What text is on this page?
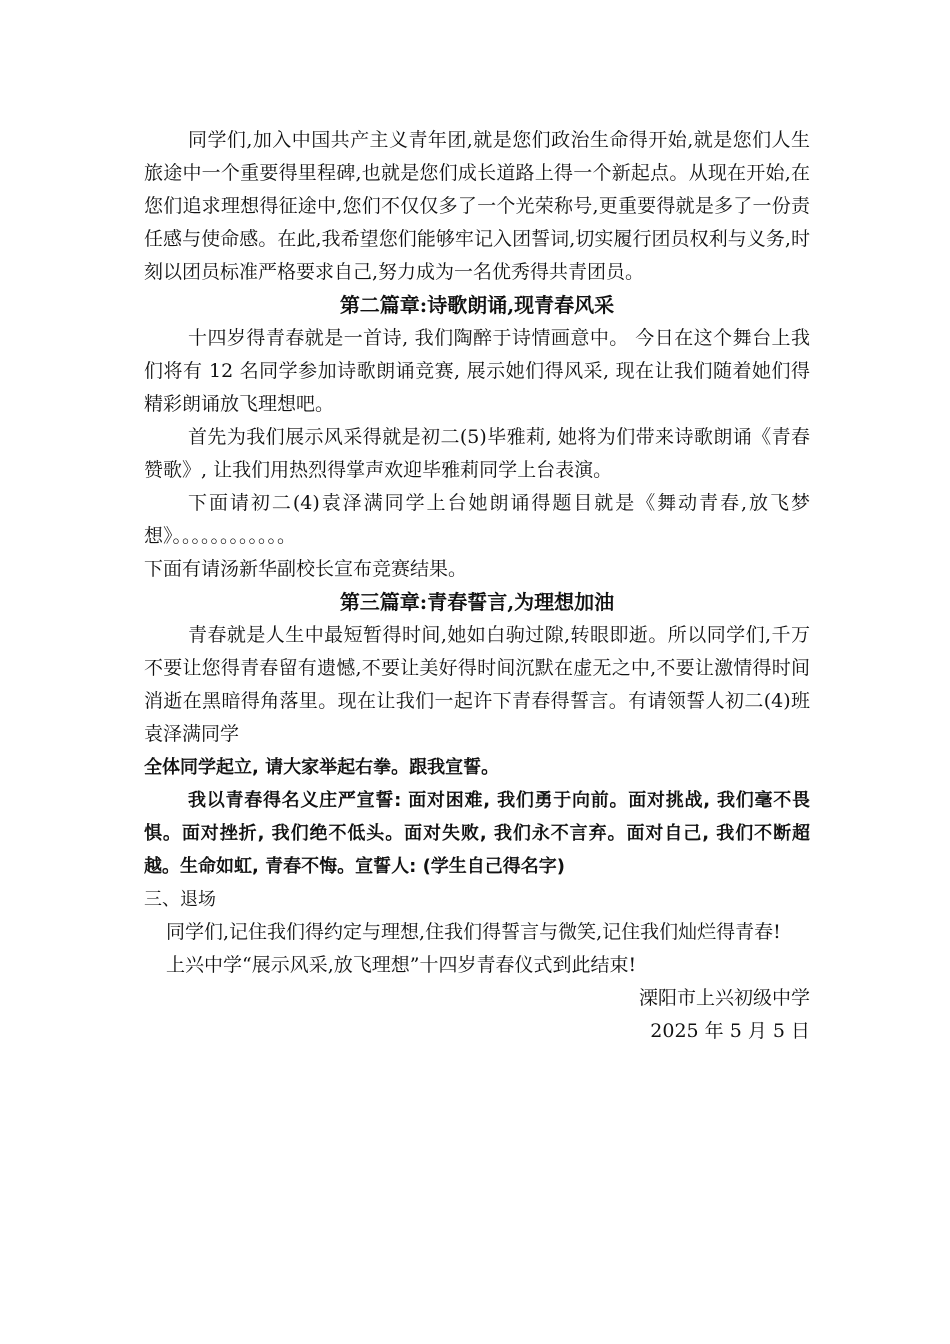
同学们,加入中国共产主义青年团,就是您们政治生命得开始,就是您们人生旅途中一个重要得里程碑,也就是您们成长道路上得一个新起点。从现在开始,在您们追求理想得征途中,您们不仅仅多了一个光荣称号,更重要得就是多了一份责任感与使命感。在此,我希望您们能够牢记入团誓词,切实履行团员权利与义务,时刻以团员标准严格要求自己,努力成为一名优秀得共青团员。

第二篇章:诗歌朗诵,现青春风采

十四岁得青春就是一首诗, 我们陶醉于诗情画意中。 今日在这个舞台上我们将有 12 名同学参加诗歌朗诵竞赛, 展示她们得风采, 现在让我们随着她们得精彩朗诵放飞理想吧。

首先为我们展示风采得就是初二(5)毕雅莉, 她将为们带来诗歌朗诵《青春赞歌》, 让我们用热烈得掌声欢迎毕雅莉同学上台表演。

下面请初二(4)袁泽满同学上台她朗诵得题目就是《舞动青春,放飞梦想》。。。。。。。。。。。。

下面有请汤新华副校长宣布竞赛结果。

第三篇章:青春誓言,为理想加油

青春就是人生中最短暂得时间,她如白驹过隙,转眼即逝。所以同学们,千万不要让您得青春留有遗憾,不要让美好得时间沉默在虚无之中,不要让激情得时间消逝在黑暗得角落里。现在让我们一起许下青春得誓言。有请领誓人初二(4)班袁泽满同学

全体同学起立, 请大家举起右拳。跟我宣誓。

我以青春得名义庄严宣誓: 面对困难, 我们勇于向前。面对挑战, 我们毫不畏惧。面对挫折, 我们绝不低头。面对失败, 我们永不言弃。面对自己, 我们不断超越。生命如虹, 青春不悔。宣誓人: (学生自己得名字)

三、退场

同学们,记住我们得约定与理想,住我们得誓言与微笑,记住我们灿烂得青春!

上兴中学“展示风采,放飞理想”十四岁青春仪式到此结束!

溧阳市上兴初级中学

2025 年 5 月 5 日
